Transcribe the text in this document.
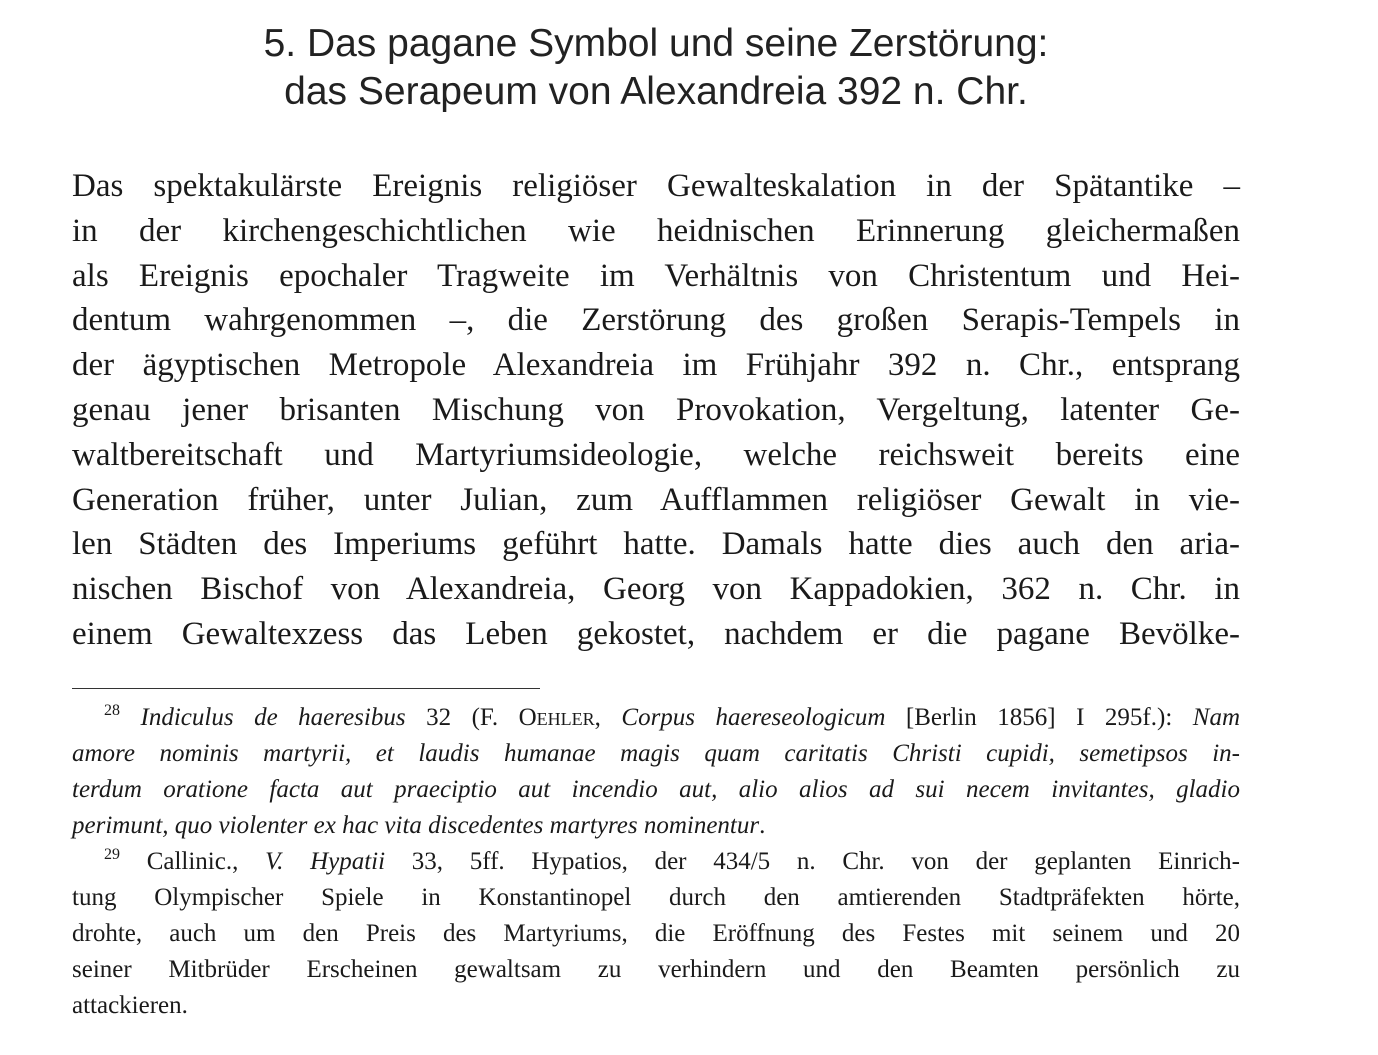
5. Das pagane Symbol und seine Zerstörung:
das Serapeum von Alexandreia 392 n. Chr.
Das spektakulärste Ereignis religiöser Gewalteskalation in der Spätantike –
in der kirchengeschichtlichen wie heidnischen Erinnerung gleichermaßen
als Ereignis epochaler Tragweite im Verhältnis von Christentum und Hei-
dentum wahrgenommen –, die Zerstörung des großen Serapis-Tempels in
der ägyptischen Metropole Alexandreia im Frühjahr 392 n. Chr., entsprang
genau jener brisanten Mischung von Provokation, Vergeltung, latenter Ge-
waltbereitschaft und Martyriumsideologie, welche reichsweit bereits eine
Generation früher, unter Julian, zum Aufflammen religiöser Gewalt in vie-
len Städten des Imperiums geführt hatte. Damals hatte dies auch den aria-
nischen Bischof von Alexandreia, Georg von Kappadokien, 362 n. Chr. in
einem Gewaltexzess das Leben gekostet, nachdem er die pagane Bevölke-
$^{28}$ Indiculus de haeresibus 32 (F. Oehler, Corpus haereseologicum [Berlin 1856] I 295f.): Nam
amore nominis martyrii, et laudis humanae magis quam caritatis Christi cupidi, semetipsos in-
terdum oratione facta aut praeciptio aut incendio aut, alio alios ad sui necem invitantes, gladio
perimunt, quo violenter ex hac vita discedentes martyres nominentur.
$^{29}$ Callinic., V. Hypatii 33, 5ff. Hypatios, der 434/5 n. Chr. von der geplanten Einrich-
tung Olympischer Spiele in Konstantinopel durch den amtierenden Stadtpräfekten hörte,
drohte, auch um den Preis des Martyriums, die Eröffnung des Festes mit seinem und 20
seiner Mitbrüder Erscheinen gewaltsam zu verhindern und den Beamten persönlich zu
attackieren.
